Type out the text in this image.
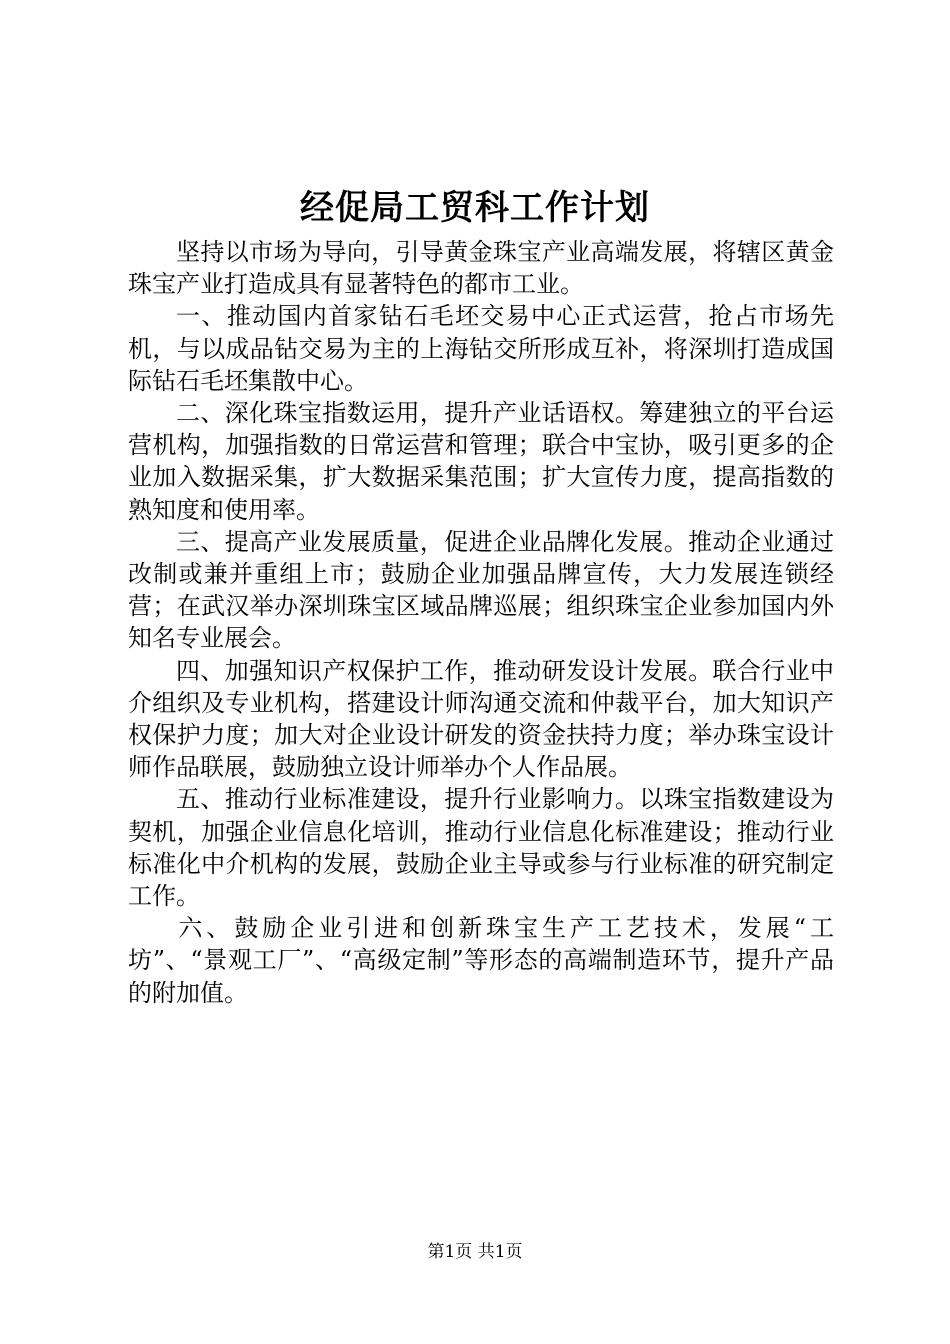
经促局工贸科工作计划

坚持以市场为导向，引导黄金珠宝产业高端发展，将辖区黄金珠宝产业打造成具有显著特色的都市工业。

一、推动国内首家钻石毛坯交易中心正式运营，抢占市场先机，与以成品钻交易为主的上海钻交所形成互补，将深圳打造成国际钻石毛坯集散中心。

二、深化珠宝指数运用，提升产业话语权。筹建独立的平台运营机构，加强指数的日常运营和管理；联合中宝协，吸引更多的企业加入数据采集，扩大数据采集范围；扩大宣传力度，提高指数的熟知度和使用率。

三、提高产业发展质量，促进企业品牌化发展。推动企业通过改制或兼并重组上市；鼓励企业加强品牌宣传，大力发展连锁经营；在武汉举办深圳珠宝区域品牌巡展；组织珠宝企业参加国内外知名专业展会。

四、加强知识产权保护工作，推动研发设计发展。联合行业中介组织及专业机构，搭建设计师沟通交流和仲裁平台，加大知识产权保护力度；加大对企业设计研发的资金扶持力度；举办珠宝设计师作品联展，鼓励独立设计师举办个人作品展。

五、推动行业标准建设，提升行业影响力。以珠宝指数建设为契机，加强企业信息化培训，推动行业信息化标准建设；推动行业标准化中介机构的发展，鼓励企业主导或参与行业标准的研究制定工作。

六、鼓励企业引进和创新珠宝生产工艺技术，发展“工坊”、“景观工厂”、“高级定制”等形态的高端制造环节，提升产品的附加值。

第1页 共1页
